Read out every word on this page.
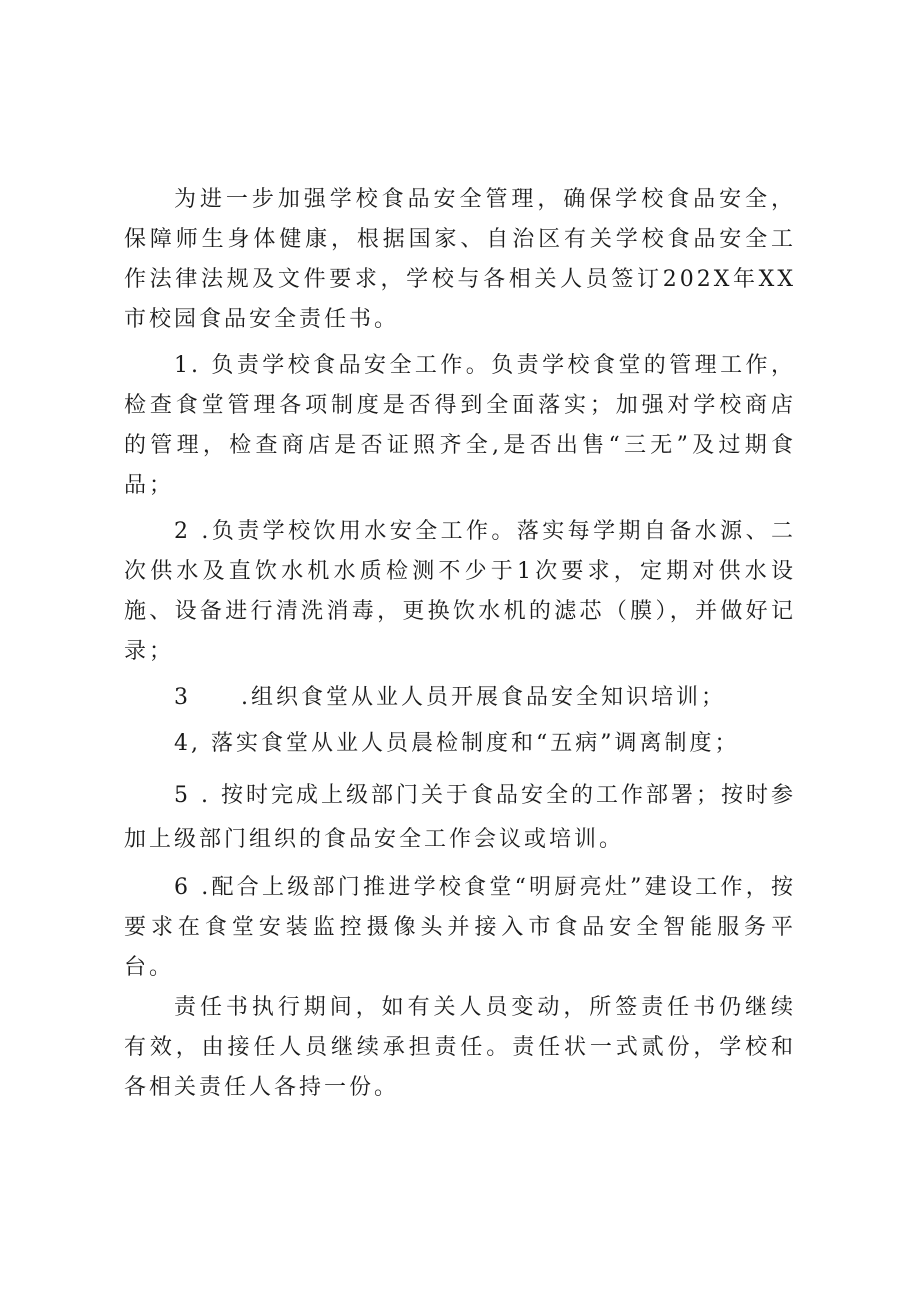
为进一步加强学校食品安全管理，确保学校食品安全，保障师生身体健康，根据国家、自治区有关学校食品安全工作法律法规及文件要求，学校与各相关人员签订202X年XX市校园食品安全责任书。

1. 负责学校食品安全工作。负责学校食堂的管理工作，检查食堂管理各项制度是否得到全面落实；加强对学校商店的管理，检查商店是否证照齐全,是否出售“三无”及过期食品；

2 .负责学校饮用水安全工作。落实每学期自备水源、二次供水及直饮水机水质检测不少于1次要求，定期对供水设施、设备进行清洗消毒，更换饮水机的滤芯（膜），并做好记录；

3　　.组织食堂从业人员开展食品安全知识培训；

4, 落实食堂从业人员晨检制度和“五病”调离制度；

5 . 按时完成上级部门关于食品安全的工作部署；按时参加上级部门组织的食品安全工作会议或培训。

6 .配合上级部门推进学校食堂“明厨亮灶”建设工作，按要求在食堂安装监控摄像头并接入市食品安全智能服务平台。

责任书执行期间，如有关人员变动，所签责任书仍继续有效，由接任人员继续承担责任。责任状一式贰份，学校和各相关责任人各持一份。
